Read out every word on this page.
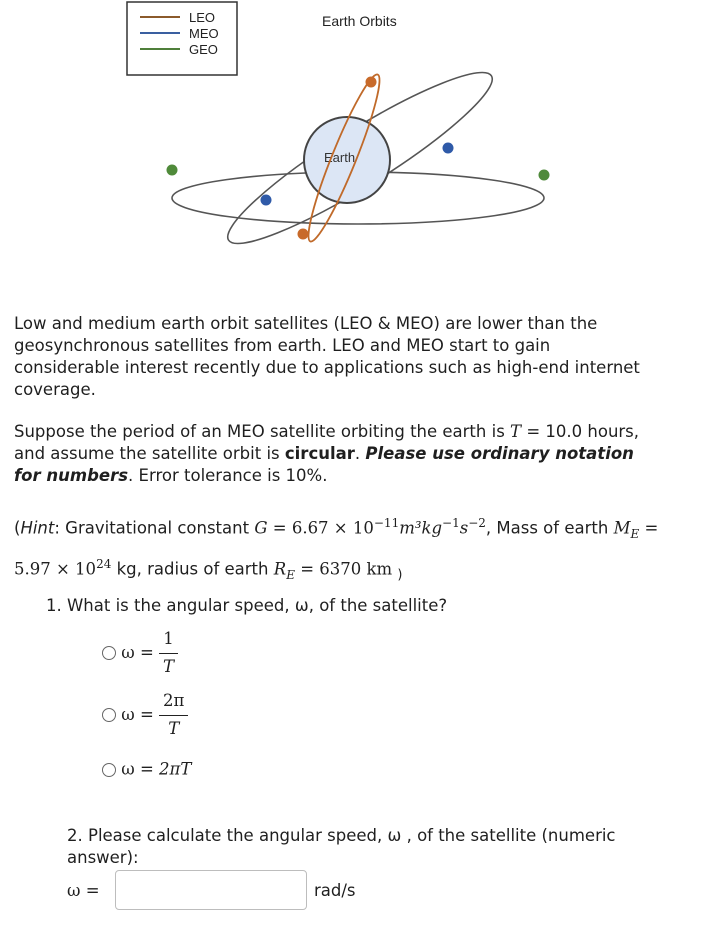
LEO
MEO
GEO
Earth Orbits
Earth
Low and medium earth orbit satellites (LEO & MEO) are lower than the geosynchronous satellites from earth. LEO and MEO start to gain considerable interest recently due to applications such as high-end internet coverage.
Suppose the period of an MEO satellite orbiting the earth is T = 10.0 hours, and assume the satellite orbit is circular. Please use ordinary notation for numbers. Error tolerance is 10%.
(Hint: Gravitational constant $G = 6.67 \times 10^{-11}m^3kg^{-1}s^{-2}$, Mass of earth $M_E = 5.97 \times 10^{24}$ kg, radius of earth $R_E = 6370$ km $_)$
1. What is the angular speed, ω, of the satellite?
$\omega = \frac{1}{T}$
$\omega = \frac{2\pi}{T}$
ω = 2πT
2. Please calculate the angular speed, ω , of the satellite (numeric answer):
ω =	rad/s
